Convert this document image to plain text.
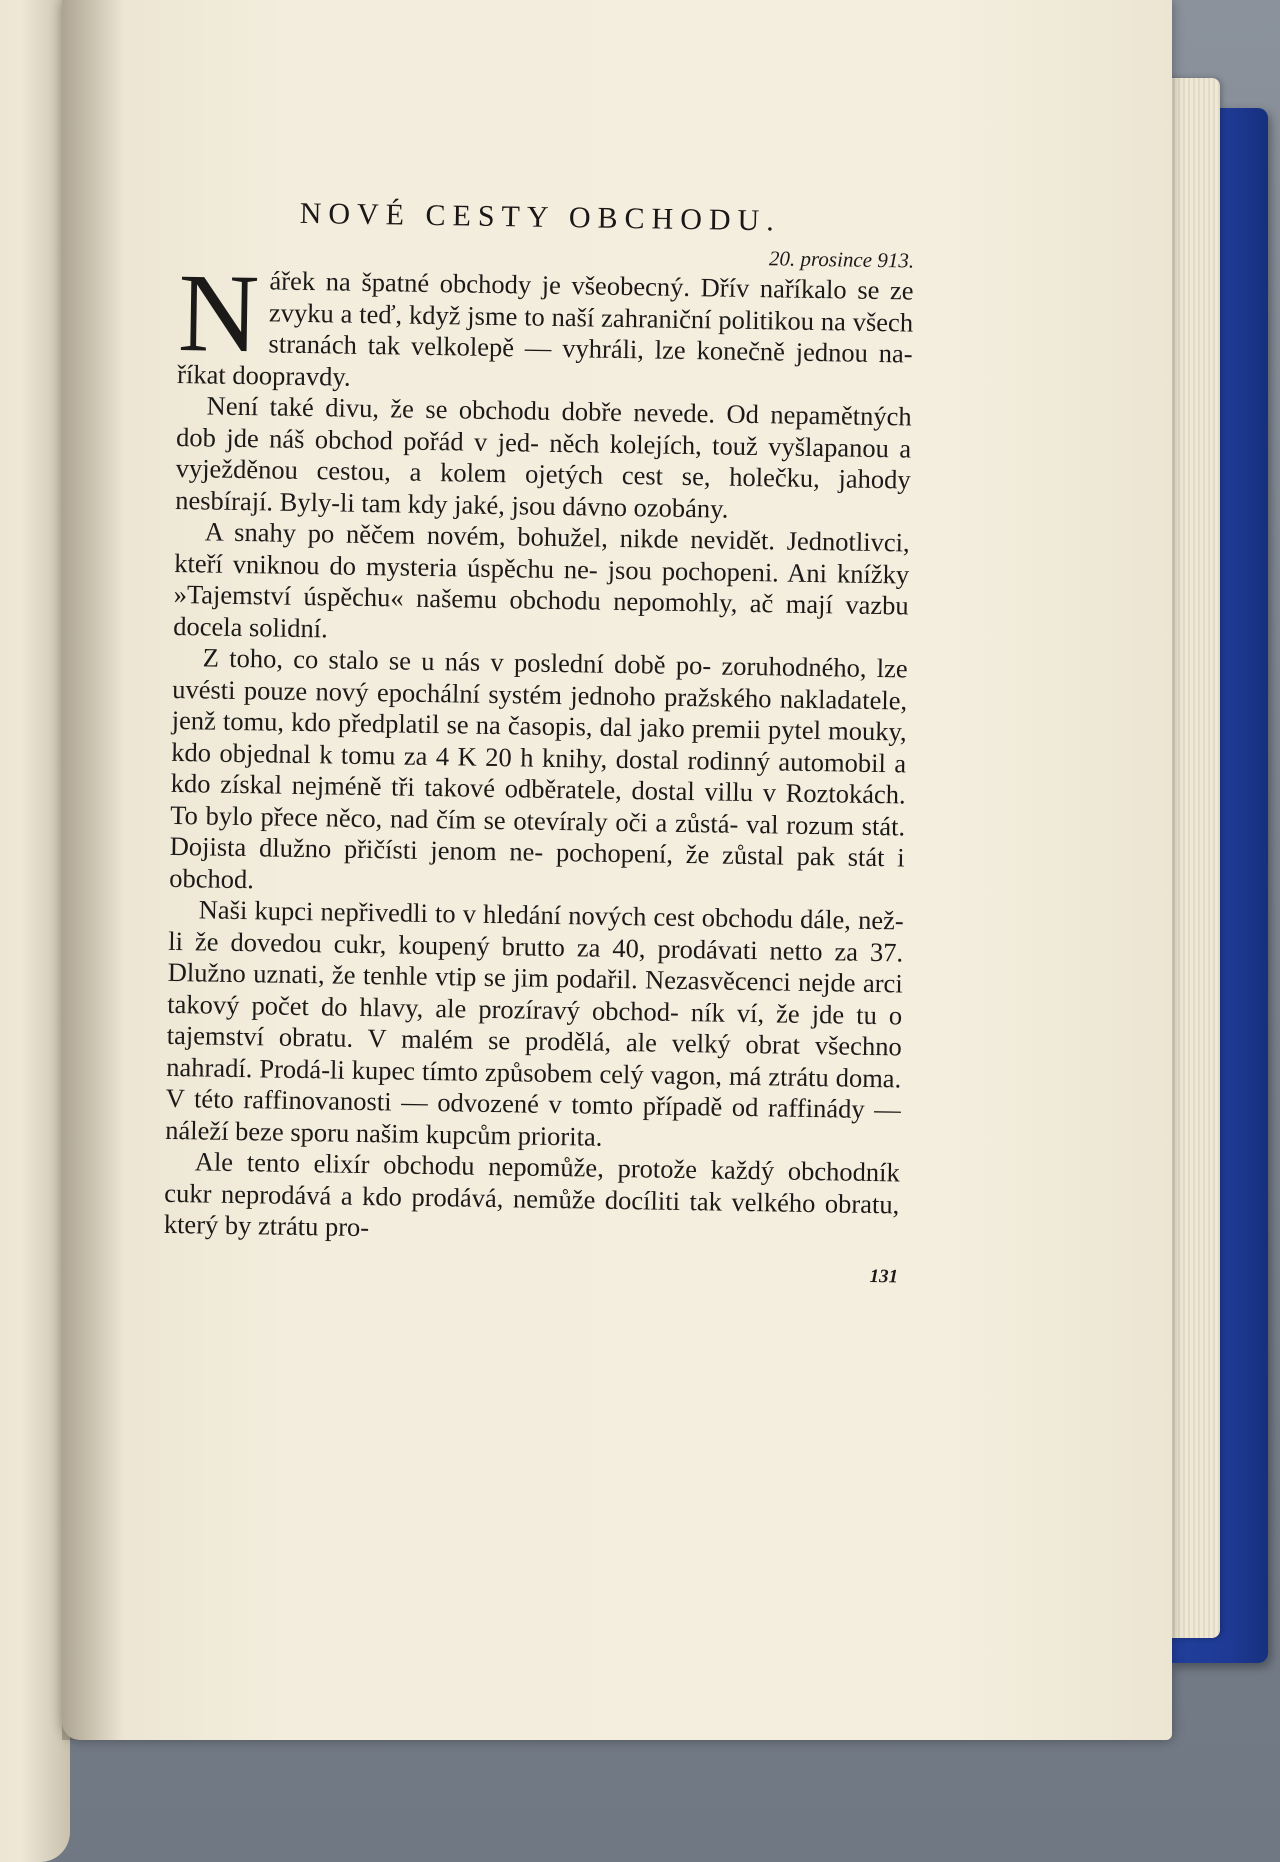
NOVÉ CESTY OBCHODU.
20. prosince 913.

Nářek na špatné obchody je všeobecný. Dřív naříkalo se ze zvyku a teď, když jsme to naší zahraniční politikou na všech stranách tak velkolepě — vyhráli, lze konečně jednou na- říkat doopravdy.

Není také divu, že se obchodu dobře nevede. Od nepamětných dob jde náš obchod pořád v jed- něch kolejích, touž vyšlapanou a vyježděnou cestou, a kolem ojetých cest se, holečku, jahody nesbírají. Byly-li tam kdy jaké, jsou dávno ozobány.

A snahy po něčem novém, bohužel, nikde nevidět. Jednotlivci, kteří vniknou do mysteria úspěchu ne- jsou pochopeni. Ani knížky »Tajemství úspěchu« našemu obchodu nepomohly, ač mají vazbu docela solidní.

Z toho, co stalo se u nás v poslední době po- zoruhodného, lze uvésti pouze nový epochální systém jednoho pražského nakladatele, jenž tomu, kdo předplatil se na časopis, dal jako premii pytel mouky, kdo objednal k tomu za 4 K 20 h knihy, dostal rodinný automobil a kdo získal nejméně tři takové odběratele, dostal villu v Roztokách. To bylo přece něco, nad čím se otevíraly oči a zůstá- val rozum stát. Dojista dlužno přičísti jenom ne- pochopení, že zůstal pak stát i obchod.

Naši kupci nepřivedli to v hledání nových cest obchodu dále, než-li že dovedou cukr, koupený brutto za 40, prodávati netto za 37. Dlužno uznati, že tenhle vtip se jim podařil. Nezasvěcenci nejde arci takový počet do hlavy, ale prozíravý obchod- ník ví, že jde tu o tajemství obratu. V malém se prodělá, ale velký obrat všechno nahradí. Prodá-li kupec tímto způsobem celý vagon, má ztrátu doma. V této raffinovanosti — odvozené v tomto případě od raffinády — náleží beze sporu našim kupcům priorita.

Ale tento elixír obchodu nepomůže, protože každý obchodník cukr neprodává a kdo prodává, nemůže docíliti tak velkého obratu, který by ztrátu pro-

131
